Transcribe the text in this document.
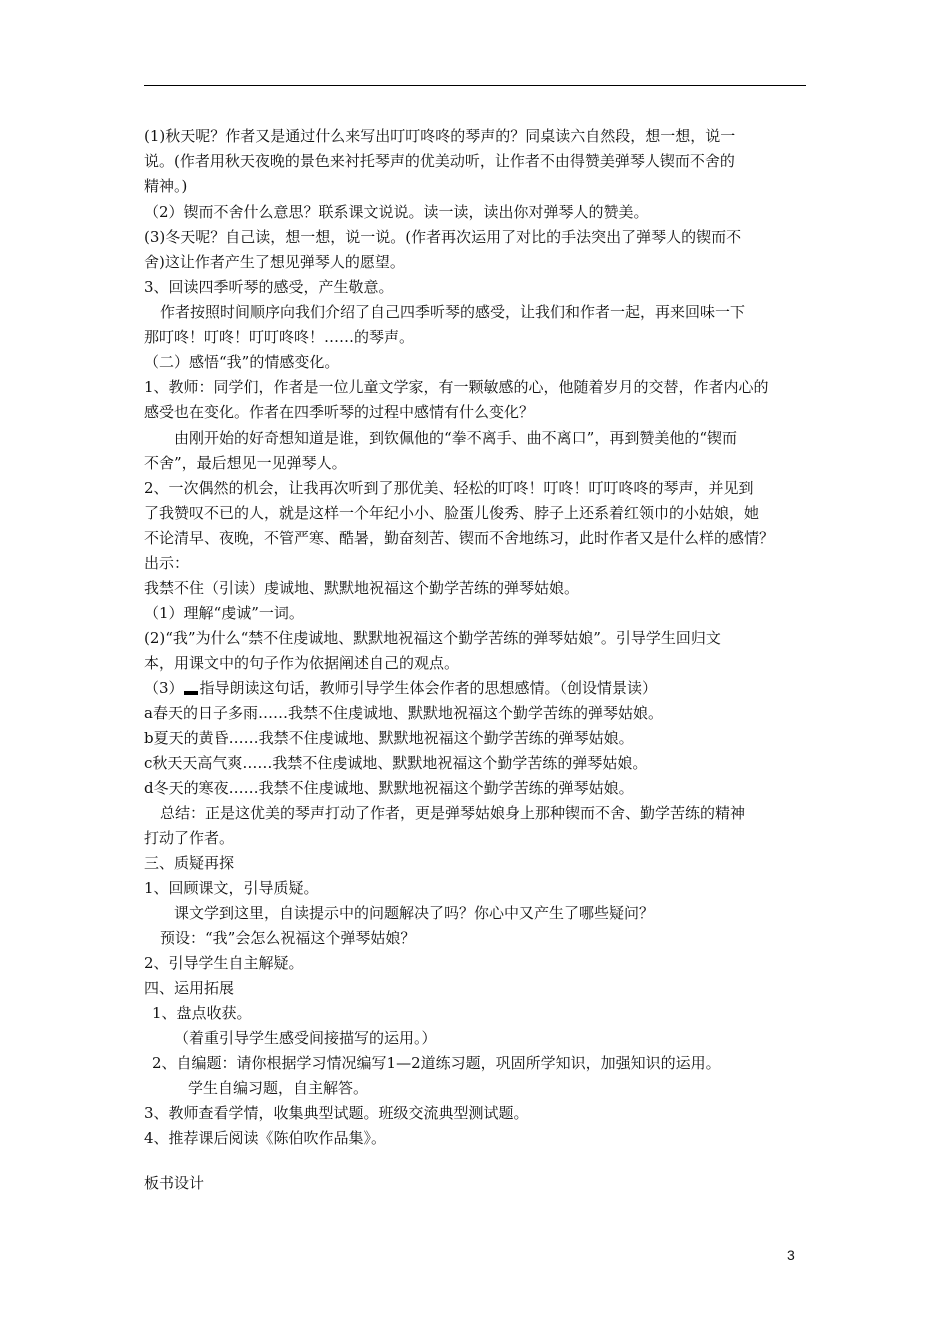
(1)秋天呢？作者又是通过什么来写出叮叮咚咚的琴声的？同桌读六自然段，想一想，说一
说。(作者用秋天夜晚的景色来衬托琴声的优美动听，让作者不由得赞美弹琴人锲而不舍的
精神。)
（2）锲而不舍什么意思？联系课文说说。读一读，读出你对弹琴人的赞美。
(3)冬天呢？自己读，想一想，说一说。(作者再次运用了对比的手法突出了弹琴人的锲而不
舍)这让作者产生了想见弹琴人的愿望。
3、回读四季听琴的感受，产生敬意。
作者按照时间顺序向我们介绍了自己四季听琴的感受，让我们和作者一起，再来回味一下
那叮咚！叮咚！叮叮咚咚！……的琴声。
（二）感悟“我”的情感变化。
1、教师：同学们，作者是一位儿童文学家，有一颗敏感的心，他随着岁月的交替，作者内心的
感受也在变化。作者在四季听琴的过程中感情有什么变化？
由刚开始的好奇想知道是谁，到钦佩他的“拳不离手、曲不离口”，再到赞美他的“锲而
不舍”，最后想见一见弹琴人。
2、一次偶然的机会，让我再次听到了那优美、轻松的叮咚！叮咚！叮叮咚咚的琴声，并见到
了我赞叹不已的人，就是这样一个年纪小小、脸蛋儿俊秀、脖子上还系着红领巾的小姑娘，她
不论清早、夜晚，不管严寒、酷暑，勤奋刻苦、锲而不舍地练习，此时作者又是什么样的感情？
出示：
我禁不住（引读）虔诚地、默默地祝福这个勤学苦练的弹琴姑娘。
（1）理解“虔诚”一词。
(2)“我”为什么“禁不住虔诚地、默默地祝福这个勤学苦练的弹琴姑娘”。引导学生回归文
本，用课文中的句子作为依据阐述自己的观点。
（3） 指导朗读这句话，教师引导学生体会作者的思想感情。（创设情景读）
a春天的日子多雨……我禁不住虔诚地、默默地祝福这个勤学苦练的弹琴姑娘。
b夏天的黄昏……我禁不住虔诚地、默默地祝福这个勤学苦练的弹琴姑娘。
c秋天天高气爽……我禁不住虔诚地、默默地祝福这个勤学苦练的弹琴姑娘。
d冬天的寒夜……我禁不住虔诚地、默默地祝福这个勤学苦练的弹琴姑娘。
总结：正是这优美的琴声打动了作者，更是弹琴姑娘身上那种锲而不舍、勤学苦练的精神
打动了作者。
三、质疑再探
1、回顾课文，引导质疑。
课文学到这里，自读提示中的问题解决了吗？你心中又产生了哪些疑问？
预设：“我”会怎么祝福这个弹琴姑娘？
2、引导学生自主解疑。
四、运用拓展
1、盘点收获。
（着重引导学生感受间接描写的运用。）
2、自编题：请你根据学习情况编写1—2道练习题，巩固所学知识，加强知识的运用。
学生自编习题，自主解答。
3、教师查看学情，收集典型试题。班级交流典型测试题。
4、推荐课后阅读《陈伯吹作品集》。
板书设计
3
